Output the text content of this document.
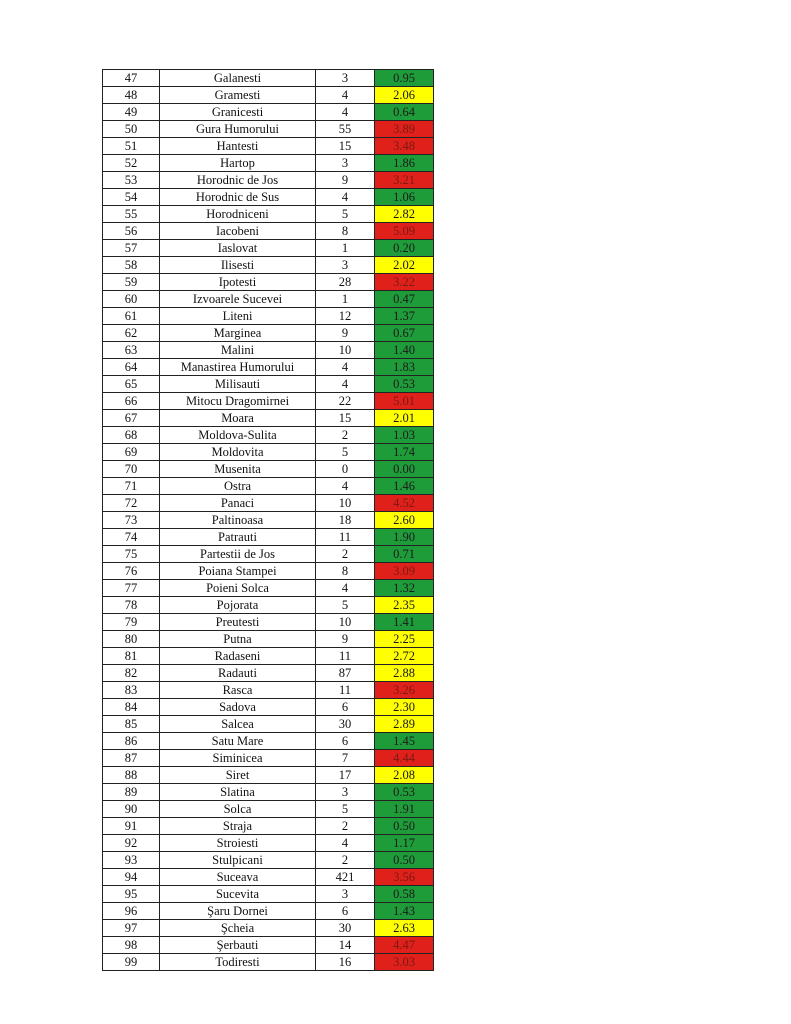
47	Galanesti	3	0.95
48	Gramesti	4	2.06
49	Granicesti	4	0.64
50	Gura Humorului	55	3.89
51	Hantesti	15	3.48
52	Hartop	3	1.86
53	Horodnic de Jos	9	3.21
54	Horodnic de Sus	4	1.06
55	Horodniceni	5	2.82
56	Iacobeni	8	5.09
57	Iaslovat	1	0.20
58	Ilisesti	3	2.02
59	Ipotesti	28	3.22
60	Izvoarele Sucevei	1	0.47
61	Liteni	12	1.37
62	Marginea	9	0.67
63	Malini	10	1.40
64	Manastirea Humorului	4	1.83
65	Milisauti	4	0.53
66	Mitocu Dragomirnei	22	5.01
67	Moara	15	2.01
68	Moldova-Sulita	2	1.03
69	Moldovita	5	1.74
70	Musenita	0	0.00
71	Ostra	4	1.46
72	Panaci	10	4.52
73	Paltinoasa	18	2.60
74	Patrauti	11	1.90
75	Partestii de Jos	2	0.71
76	Poiana Stampei	8	3.09
77	Poieni Solca	4	1.32
78	Pojorata	5	2.35
79	Preutesti	10	1.41
80	Putna	9	2.25
81	Radaseni	11	2.72
82	Radauti	87	2.88
83	Rasca	11	3.26
84	Sadova	6	2.30
85	Salcea	30	2.89
86	Satu Mare	6	1.45
87	Siminicea	7	4.44
88	Siret	17	2.08
89	Slatina	3	0.53
90	Solca	5	1.91
91	Straja	2	0.50
92	Stroiesti	4	1.17
93	Stulpicani	2	0.50
94	Suceava	421	3.56
95	Sucevita	3	0.58
96	Şaru Dornei	6	1.43
97	Şcheia	30	2.63
98	Şerbauti	14	4.47
99	Todiresti	16	3.03
